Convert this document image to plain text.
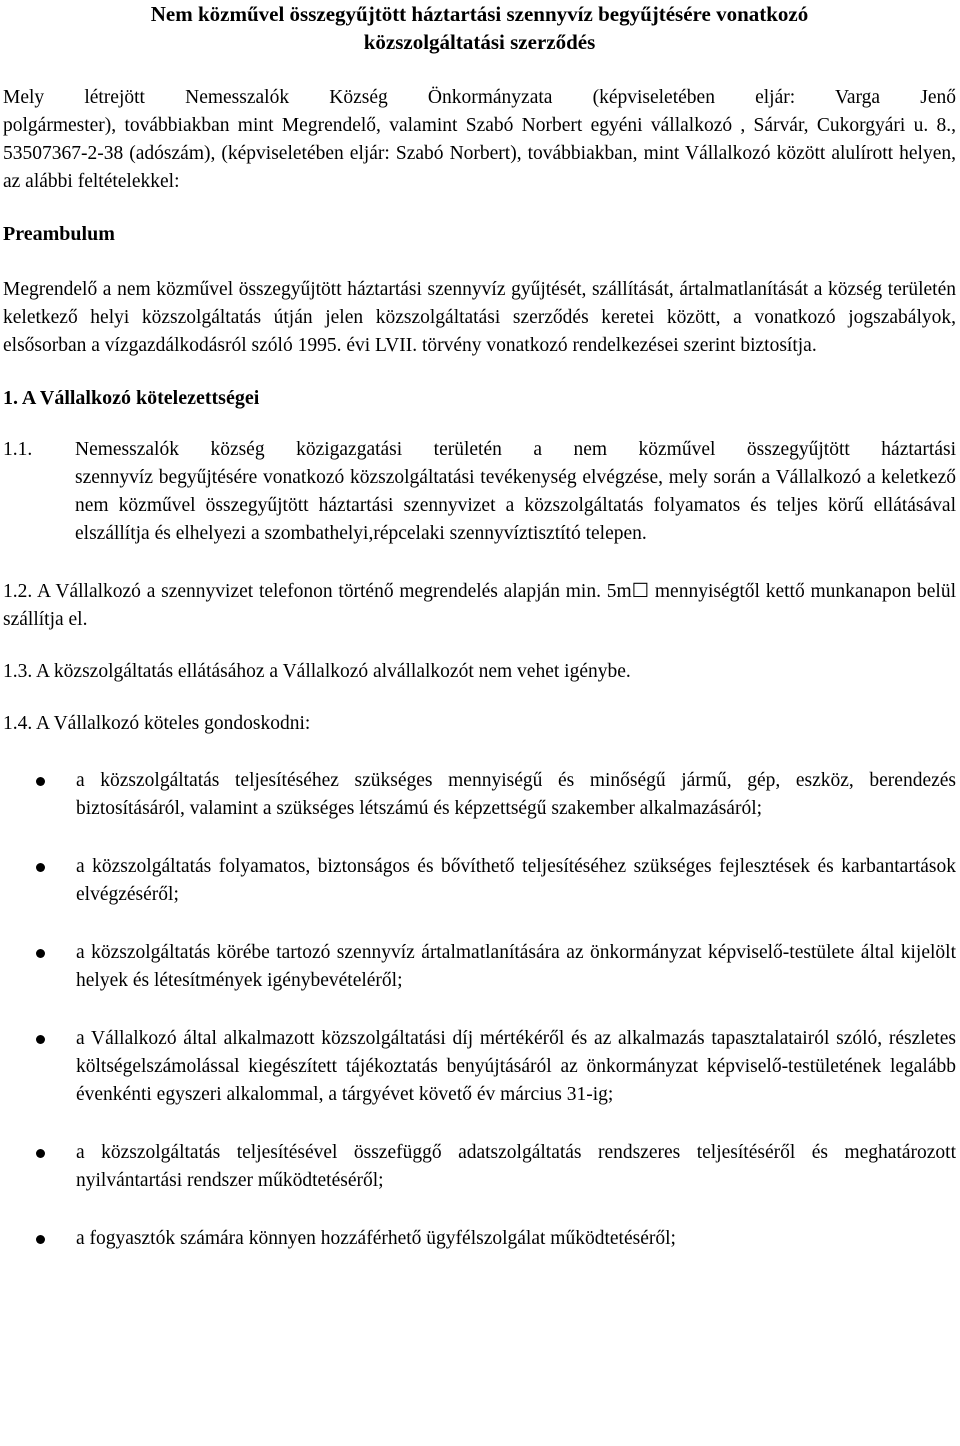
Nem közművel összegyűjtött háztartási szennyvíz begyűjtésére vonatkozó
közszolgáltatási szerződés

Mely létrejött Nemesszalók Község Önkormányzata (képviseletében eljár: Varga Jenő
polgármester), továbbiakban mint Megrendelő, valamint Szabó Norbert egyéni vállalkozó , Sárvár, Cukorgyári u. 8., 53507367-2-38 (adószám), (képviseletében eljár: Szabó Norbert), továbbiakban, mint Vállalkozó között alulírott helyen, az alábbi feltételekkel:

Preambulum

Megrendelő a nem közművel összegyűjtött háztartási szennyvíz gyűjtését, szállítását, ártalmatlanítását a község területén keletkező helyi közszolgáltatás útján jelen közszolgáltatási szerződés keretei között, a vonatkozó jogszabályok, elsősorban a vízgazdálkodásról szóló 1995. évi LVII. törvény vonatkozó rendelkezései szerint biztosítja.

1. A Vállalkozó kötelezettségei
1.1.	Nemesszalók község közigazgatási területén a nem közművel összegyűjtött háztartási
szennyvíz begyűjtésére vonatkozó közszolgáltatási tevékenység elvégzése, mely során a Vállalkozó a keletkező nem közművel összegyűjtött háztartási szennyvizet a közszolgáltatás folyamatos és teljes körű ellátásával elszállítja és elhelyezi a szombathelyi,répcelaki szennyvíztisztító telepen.

1.2. A Vállalkozó a szennyvizet telefonon történő megrendelés alapján min. 5m☐ mennyiségtől kettő munkanapon belül szállítja el.

1.3. A közszolgáltatás ellátásához a Vállalkozó alvállalkozót nem vehet igénybe.

1.4. A Vállalkozó köteles gondoskodni:

a közszolgáltatás teljesítéséhez szükséges mennyiségű és minőségű jármű, gép, eszköz, berendezés biztosításáról, valamint a szükséges létszámú és képzettségű szakember alkalmazásáról;
a közszolgáltatás folyamatos, biztonságos és bővíthető teljesítéséhez szükséges fejlesztések és karbantartások elvégzéséről;
a közszolgáltatás körébe tartozó szennyvíz ártalmatlanítására az önkormányzat képviselő-testülete által kijelölt helyek és létesítmények igénybevételéről;
a Vállalkozó által alkalmazott közszolgáltatási díj mértékéről és az alkalmazás tapasztalatairól szóló, részletes költségelszámolással kiegészített tájékoztatás benyújtásáról az önkormányzat képviselő-testületének legalább évenkénti egyszeri alkalommal, a tárgyévet követő év március 31-ig;
a közszolgáltatás teljesítésével összefüggő adatszolgáltatás rendszeres teljesítéséről és meghatározott nyilvántartási rendszer működtetéséről;
a fogyasztók számára könnyen hozzáférhető ügyfélszolgálat működtetéséről;
